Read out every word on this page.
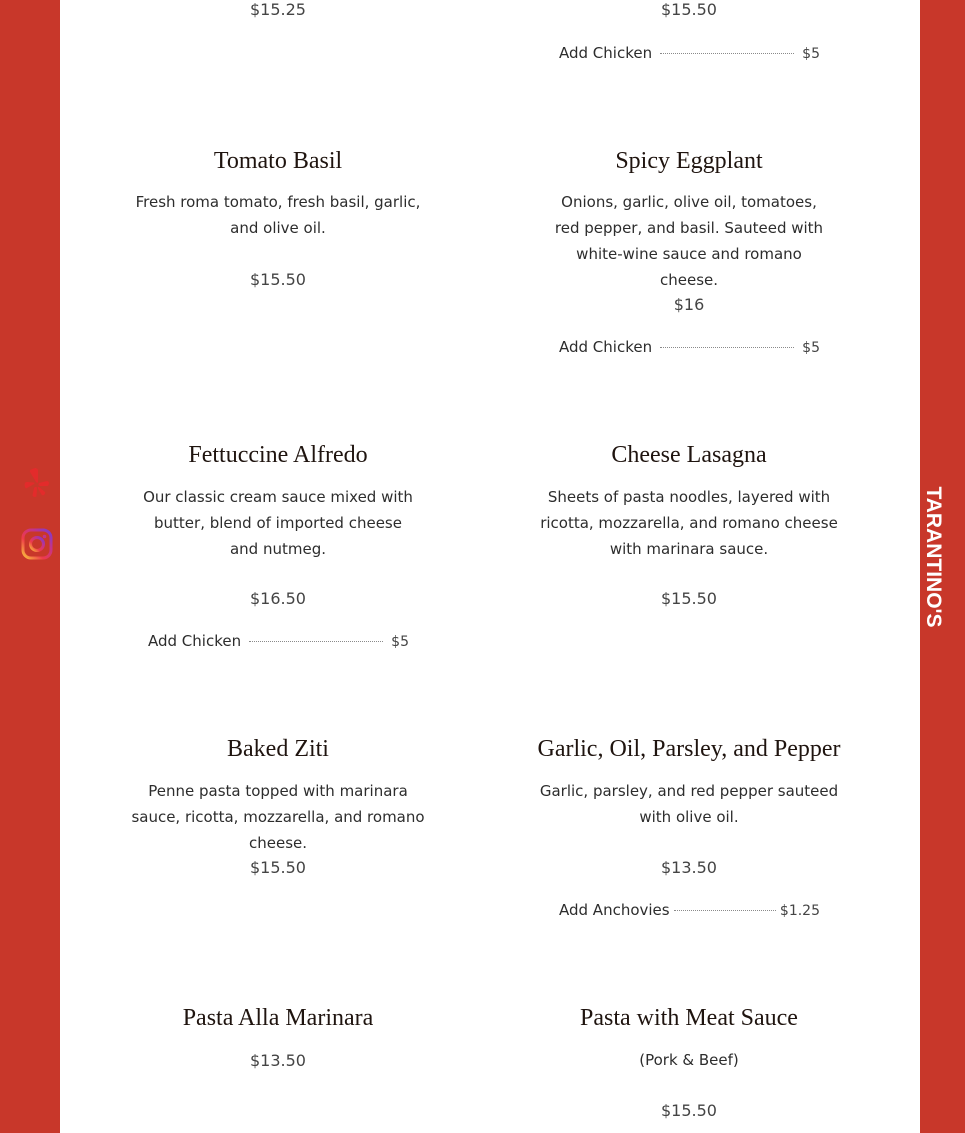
TARANTINO'S

$15.25	$15.50

Add Chicken	$5

Tomato Basil

Fresh roma tomato, fresh basil, garlic, and olive oil.

$15.50

Spicy Eggplant

Onions, garlic, olive oil, tomatoes, red pepper, and basil. Sauteed with white-wine sauce and romano cheese.

$16

Add Chicken	$5

Fettuccine Alfredo

Our classic cream sauce mixed with butter, blend of imported cheese and nutmeg.

$16.50

Add Chicken	$5

Cheese Lasagna

Sheets of pasta noodles, layered with ricotta, mozzarella, and romano cheese with marinara sauce.

$15.50

Baked Ziti

Penne pasta topped with marinara sauce, ricotta, mozzarella, and romano cheese.

$15.50

Garlic, Oil, Parsley, and Pepper

Garlic, parsley, and red pepper sauteed with olive oil.

$13.50

Add Anchovies	$1.25

Pasta Alla Marinara

$13.50

Pasta with Meat Sauce

(Pork & Beef)

$15.50
